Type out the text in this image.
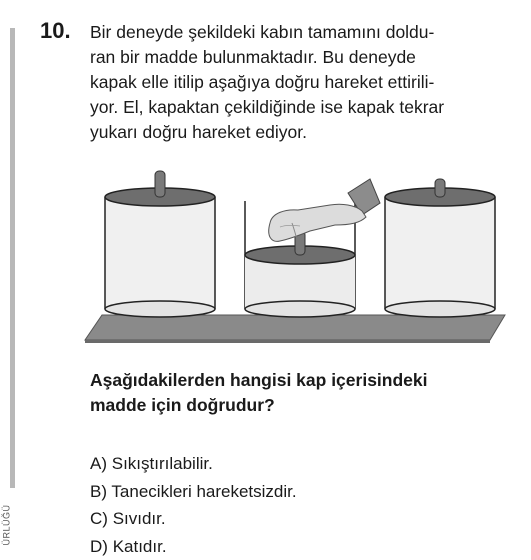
ÜRLÜĞÜ
10. Bir deneyde şekildeki kabın tamamını doldu-
ran bir madde bulunmaktadır. Bu deneyde
kapak elle itilip aşağıya doğru hareket ettirili-
yor. El, kapaktan çekildiğinde ise kapak tekrar
yukarı doğru hareket ediyor.
Aşağıdakilerden hangisi kap içerisindeki
madde için doğrudur?
A) Sıkıştırılabilir.
B) Tanecikleri hareketsizdir.
C) Sıvıdır.
D) Katıdır.
